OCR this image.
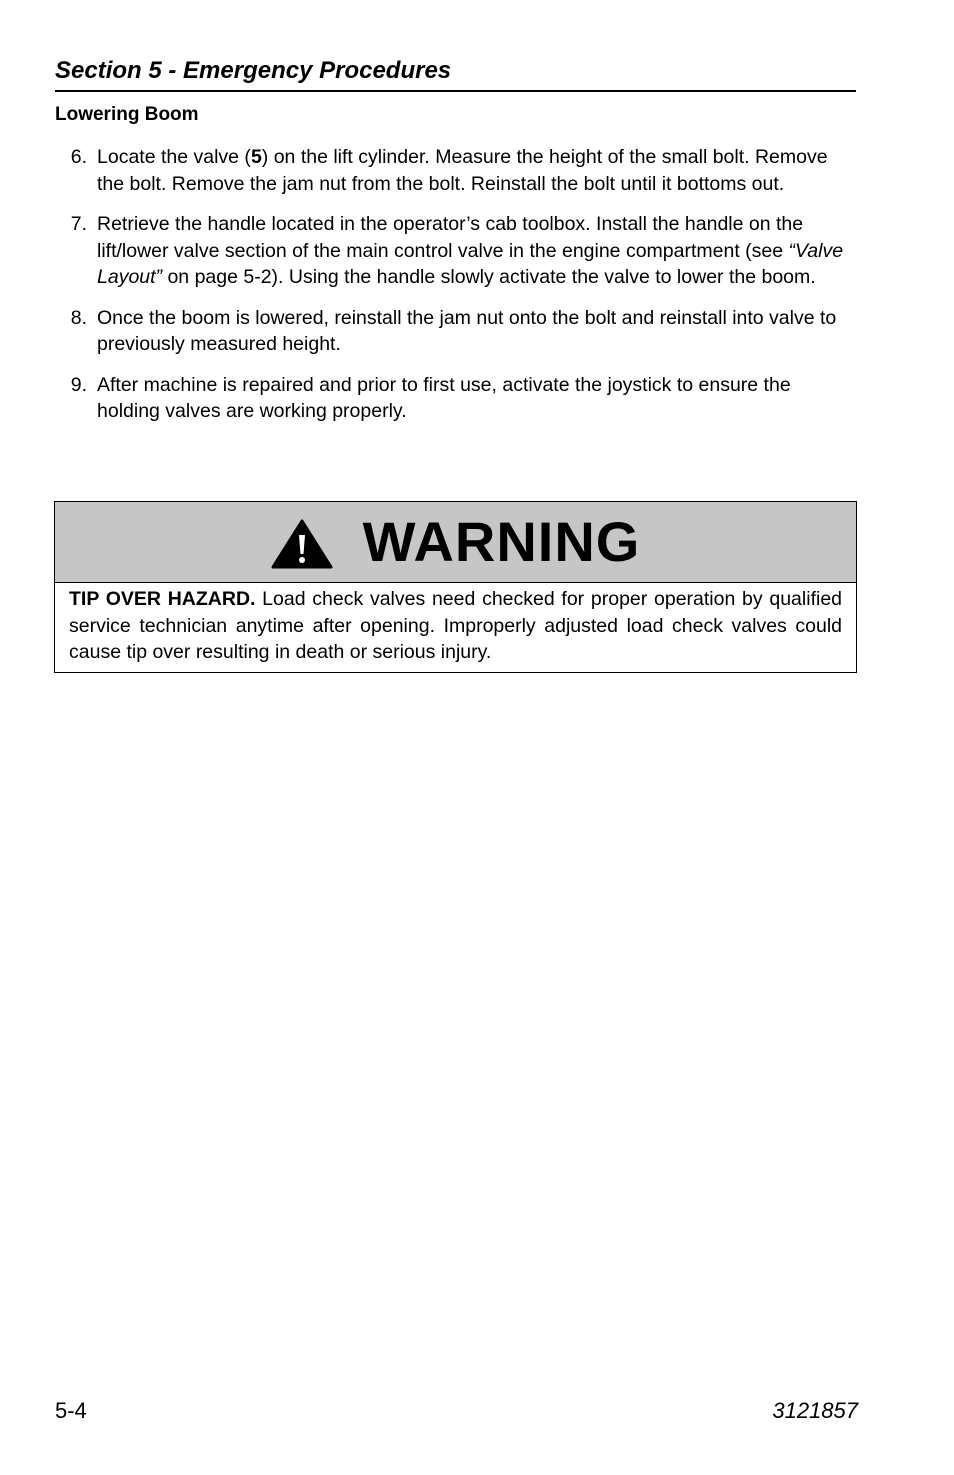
Section 5 - Emergency Procedures
Lowering Boom
6. Locate the valve (5) on the lift cylinder. Measure the height of the small bolt. Remove the bolt. Remove the jam nut from the bolt. Reinstall the bolt until it bottoms out.
7. Retrieve the handle located in the operator’s cab toolbox. Install the handle on the lift/lower valve section of the main control valve in the engine compartment (see “Valve Layout” on page 5-2). Using the handle slowly activate the valve to lower the boom.
8. Once the boom is lowered, reinstall the jam nut onto the bolt and reinstall into valve to previously measured height.
9. After machine is repaired and prior to first use, activate the joystick to ensure the holding valves are working properly.
WARNING
TIP OVER HAZARD. Load check valves need checked for proper operation by qualified service technician anytime after opening. Improperly adjusted load check valves could cause tip over resulting in death or serious injury.
5-4	3121857
